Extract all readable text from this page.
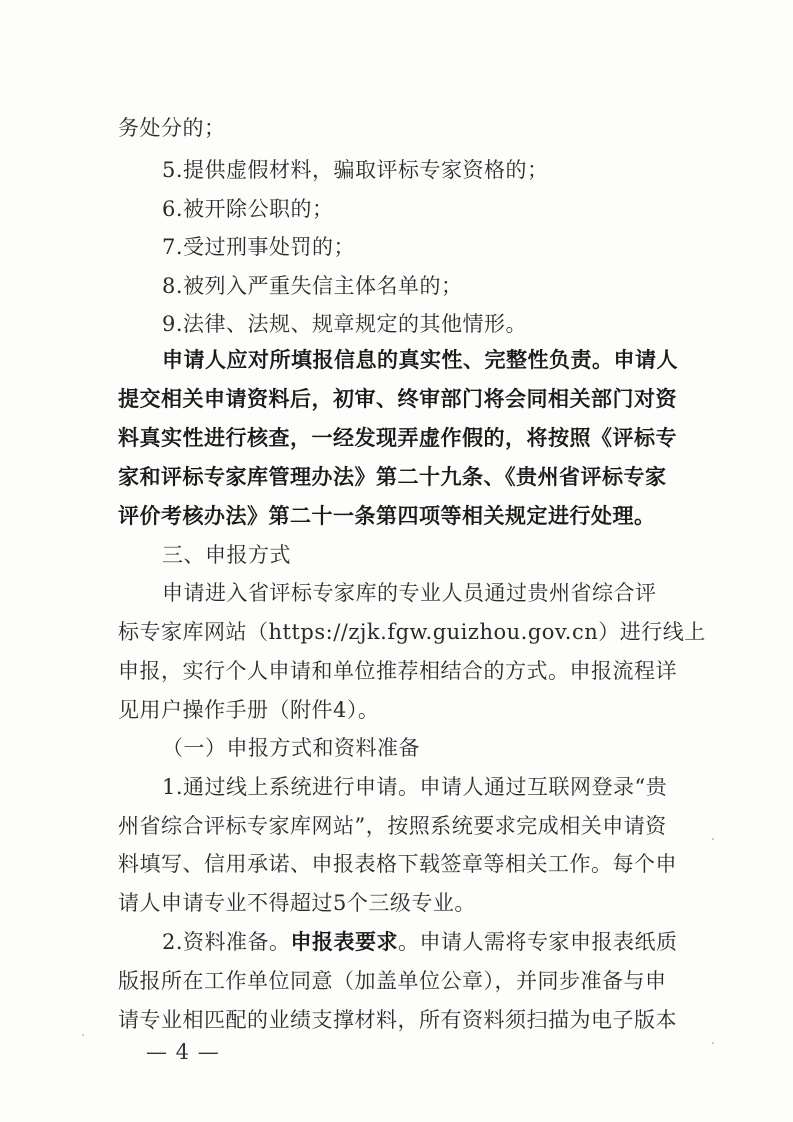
务处分的；
5.提供虚假材料，骗取评标专家资格的；
6.被开除公职的；
7.受过刑事处罚的；
8.被列入严重失信主体名单的；
9.法律、法规、规章规定的其他情形。
申请人应对所填报信息的真实性、完整性负责。申请人
提交相关申请资料后，初审、终审部门将会同相关部门对资
料真实性进行核查，一经发现弄虚作假的，将按照《评标专
家和评标专家库管理办法》第二十九条、《贵州省评标专家
评价考核办法》第二十一条第四项等相关规定进行处理。
三、申报方式
申请进入省评标专家库的专业人员通过贵州省综合评
标专家库网站（https://zjk.fgw.guizhou.gov.cn）进行线上
申报，实行个人申请和单位推荐相结合的方式。申报流程详
见用户操作手册（附件4）。
（一）申报方式和资料准备
1.通过线上系统进行申请。申请人通过互联网登录“贵
州省综合评标专家库网站”，按照系统要求完成相关申请资
料填写、信用承诺、申报表格下载签章等相关工作。每个申
请人申请专业不得超过5个三级专业。
2.资料准备。申报表要求。申请人需将专家申报表纸质
版报所在工作单位同意（加盖单位公章），并同步准备与申
请专业相匹配的业绩支撑材料，所有资料须扫描为电子版本
— 4 —
